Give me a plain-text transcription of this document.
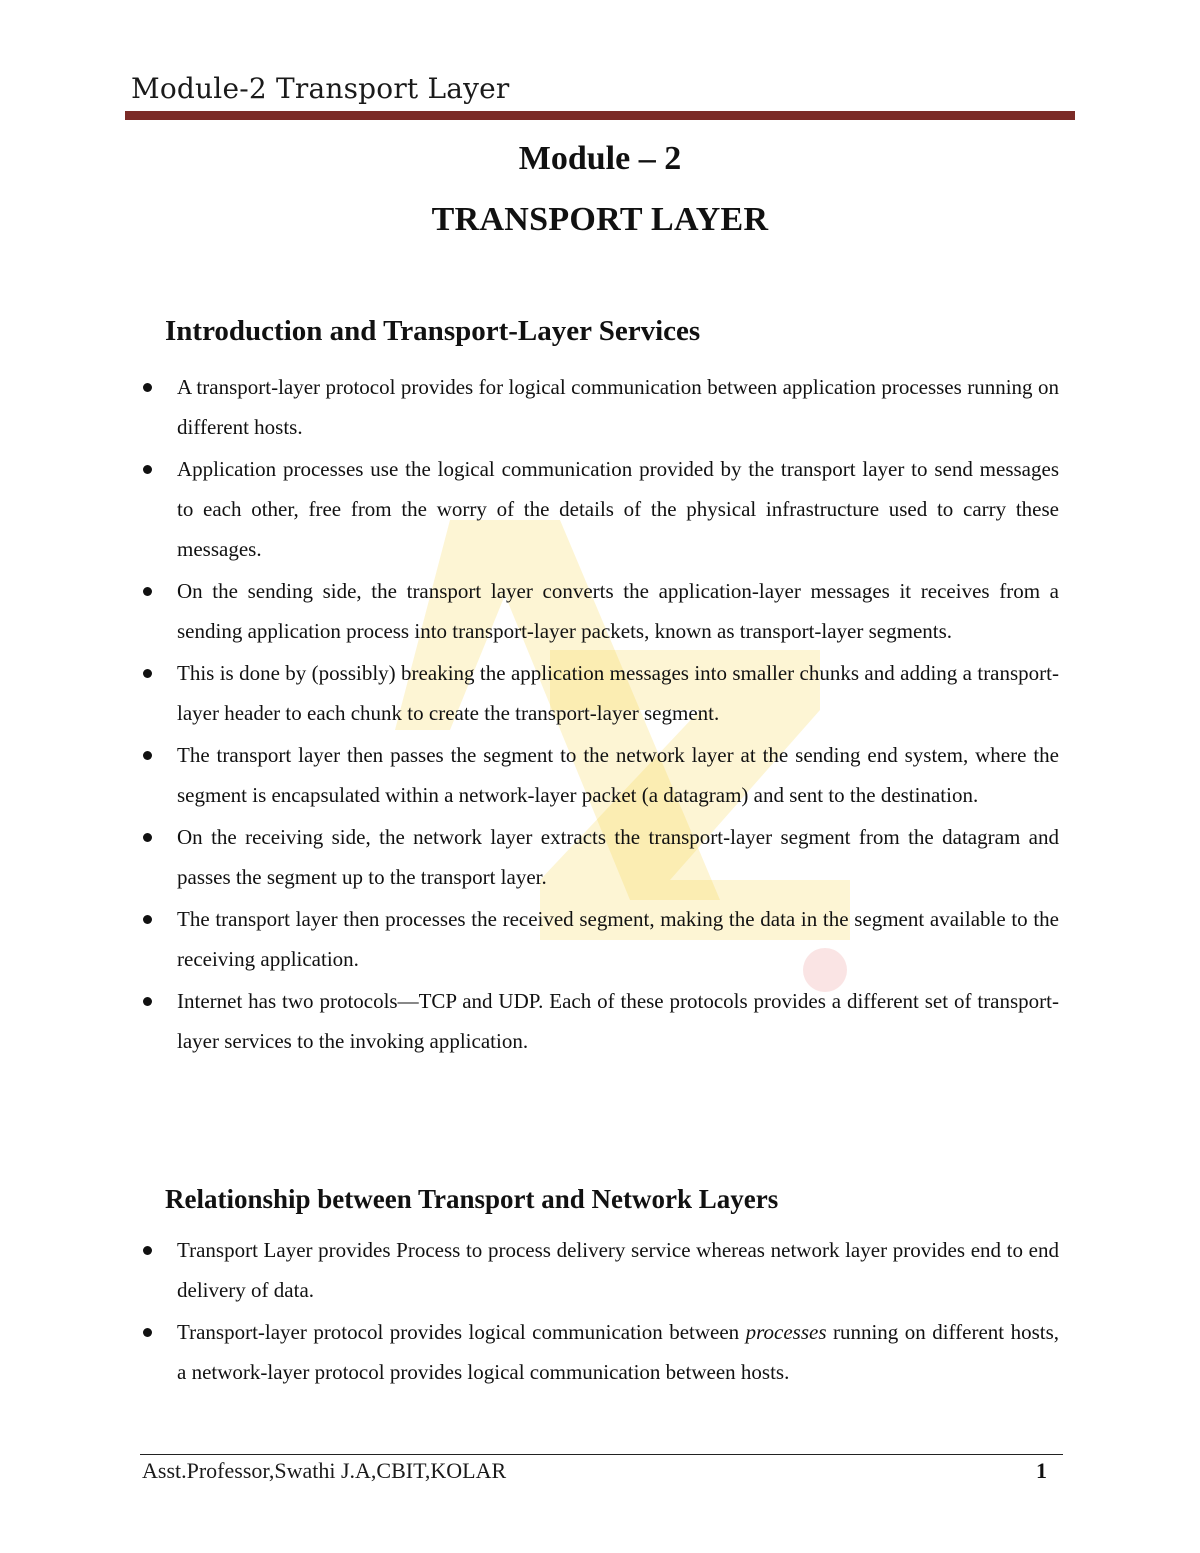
Module-2 Transport Layer
Module – 2
TRANSPORT LAYER
Introduction and Transport-Layer Services
A transport-layer protocol provides for logical communication between application processes running on different hosts.
Application processes use the logical communication provided by the transport layer to send messages to each other, free from the worry of the details of the physical infrastructure used to carry these messages.
On the sending side, the transport layer converts the application-layer messages it receives from a sending application process into transport-layer packets, known as transport-layer segments.
This is done by (possibly) breaking the application messages into smaller chunks and adding a transport-layer header to each chunk to create the transport-layer segment.
The transport layer then passes the segment to the network layer at the sending end system, where the segment is encapsulated within a network-layer packet (a datagram) and sent to the destination.
On the receiving side, the network layer extracts the transport-layer segment from the datagram and passes the segment up to the transport layer.
The transport layer then processes the received segment, making the data in the segment available to the receiving application.
Internet has two protocols—TCP and UDP. Each of these protocols provides a different set of transport-layer services to the invoking application.
Relationship between Transport and Network Layers
Transport Layer provides Process to process delivery service whereas network layer provides end to end delivery of data.
Transport-layer protocol provides logical communication between processes running on different hosts, a network-layer protocol provides logical communication between hosts.
Asst.Professor,Swathi J.A,CBIT,KOLAR	1
